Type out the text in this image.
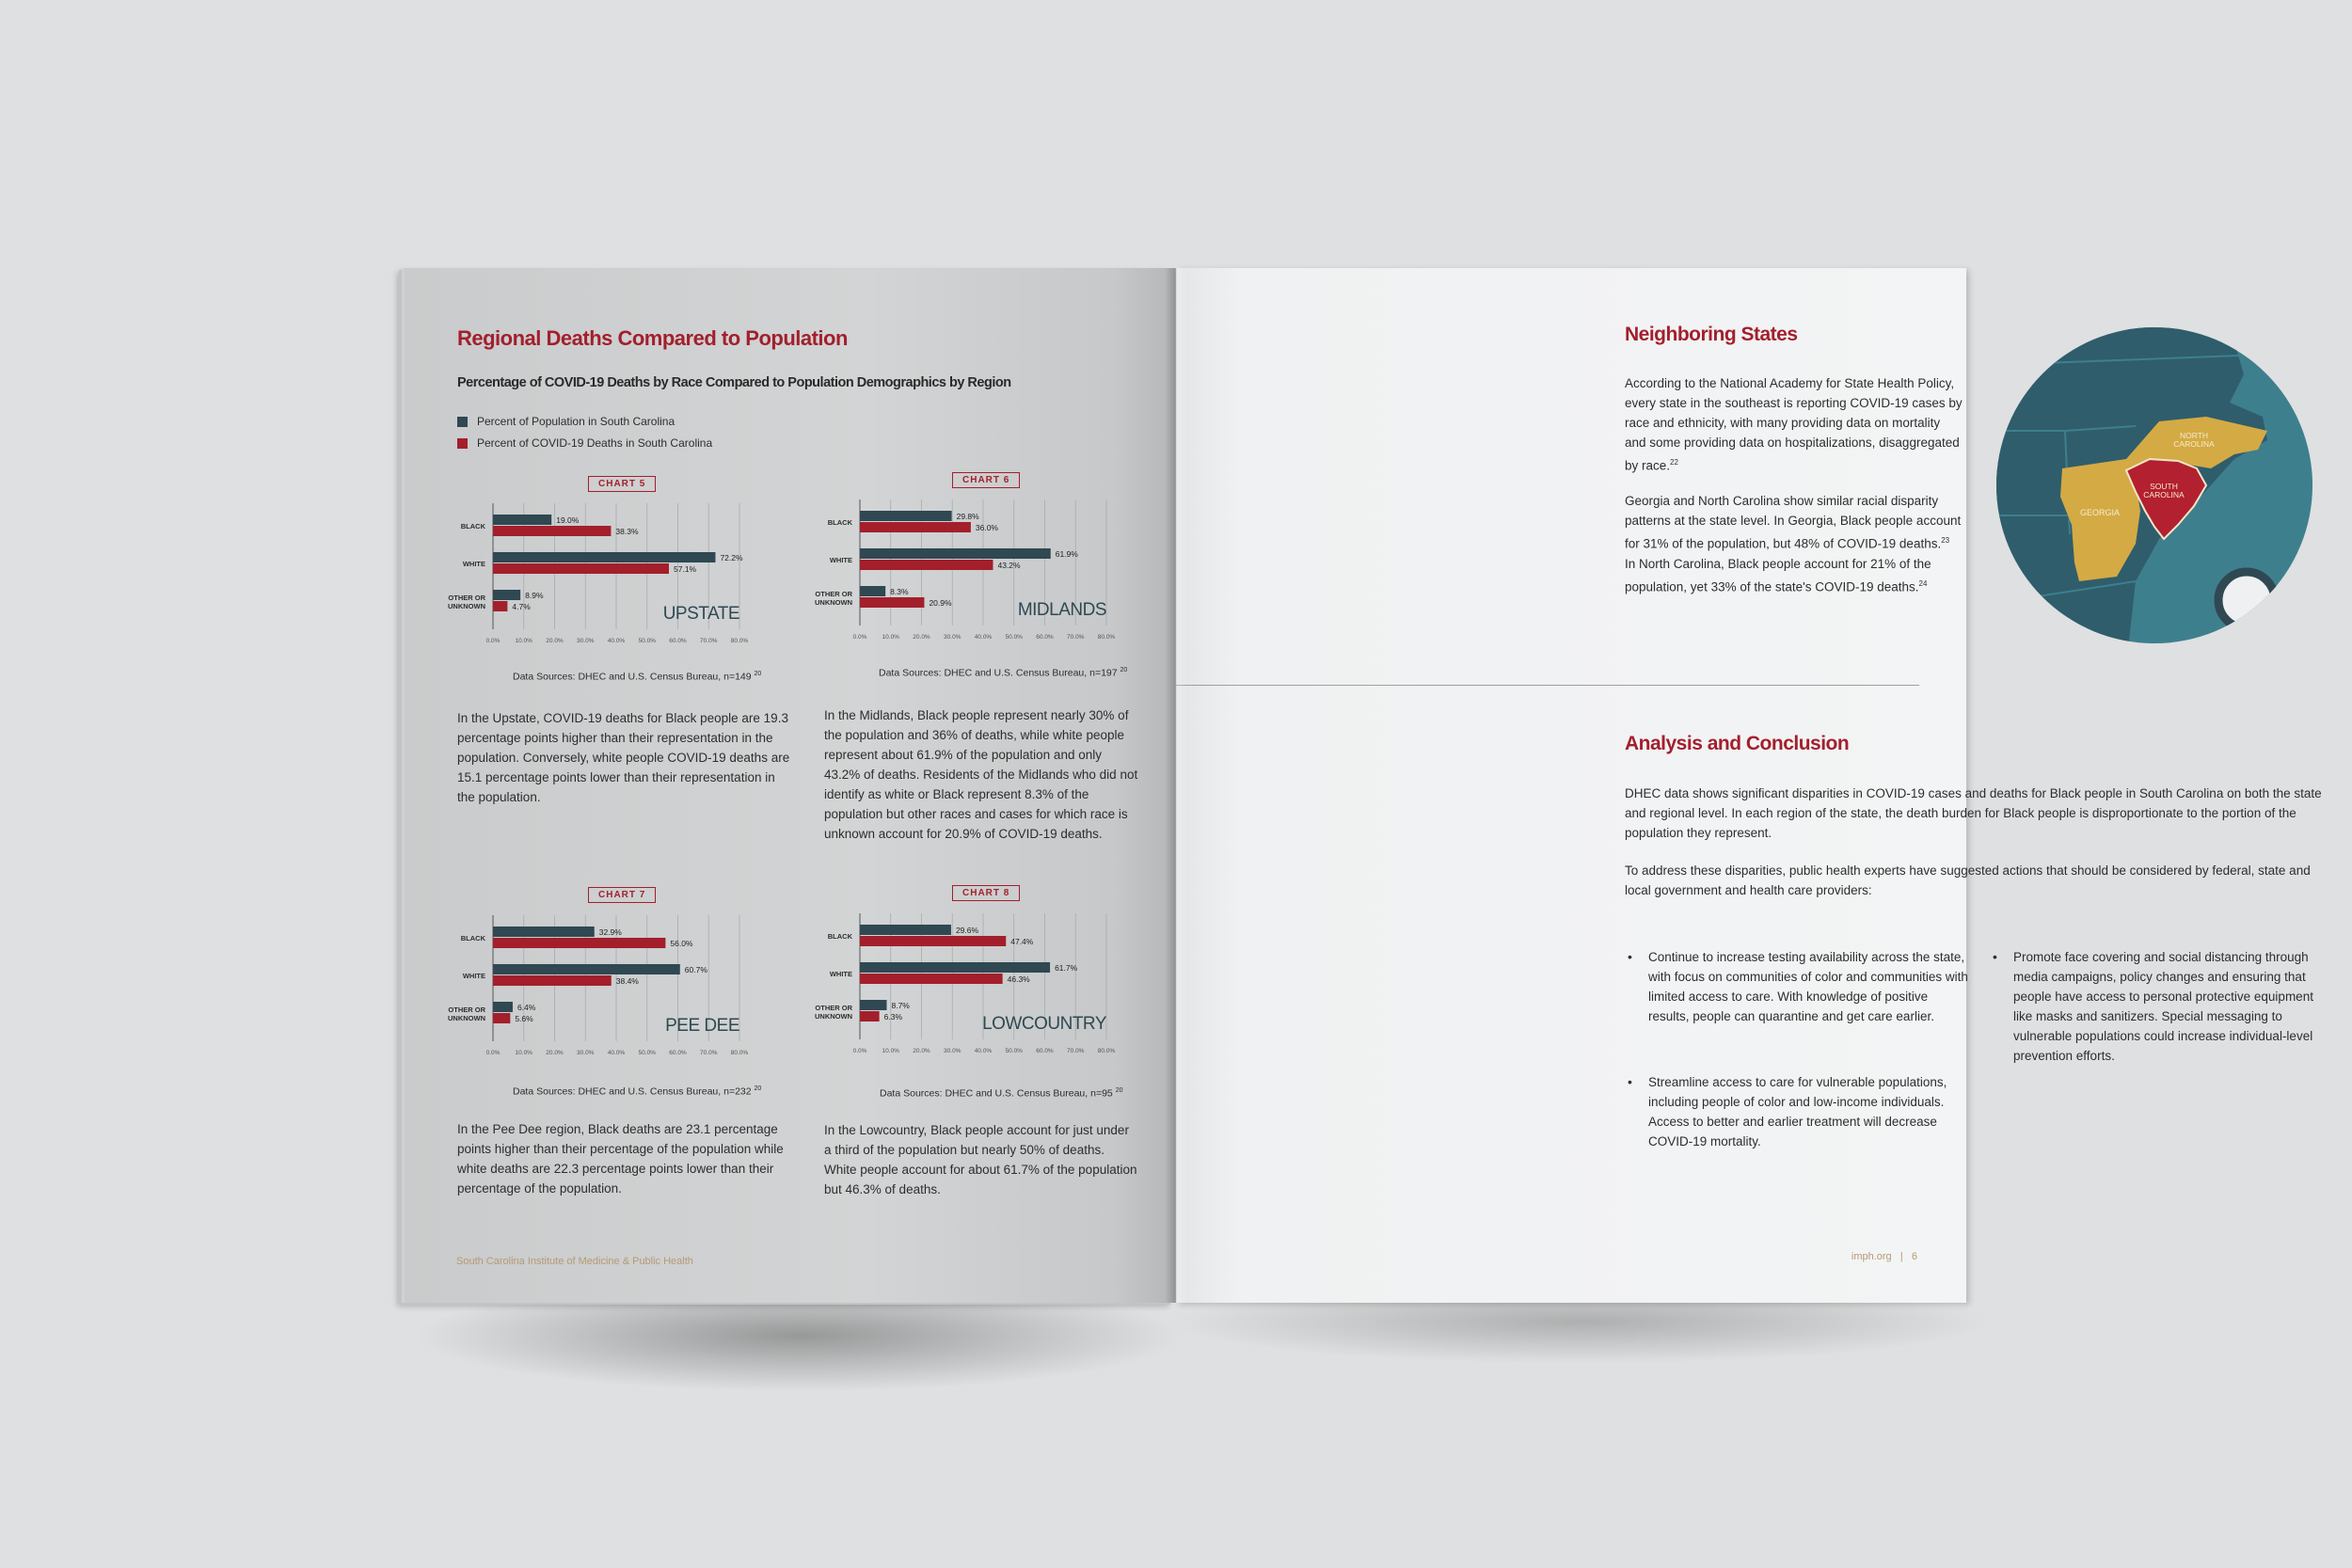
Regional Deaths Compared to Population
Percentage of COVID-19 Deaths by Race Compared to Population Demographics by Region
Percent of Population in South Carolina
Percent of COVID-19 Deaths in South Carolina
CHART 5
0.0% 10.0% 20.0% 30.0% 40.0% 50.0% 60.0% 70.0% 80.0%
BLACK
19.0%
38.3%
WHITE
72.2%
57.1%
OTHER OR
UNKNOWN
8.9%
4.7%	UPSTATE
Data Sources: DHEC and U.S. Census Bureau, n=149 $^{20}$
In the Upstate, COVID-19 deaths for Black people are 19.3 percentage points higher than their representation in the population. Conversely, white people COVID-19 deaths are 15.1 percentage points lower than their representation in the population.
CHART 6
0.0% 10.0% 20.0% 30.0% 40.0% 50.0% 60.0% 70.0% 80.0%
BLACK
29.8%
36.0%
WHITE
61.9%
43.2%
OTHER OR
UNKNOWN
8.3%
20.9%	MIDLANDS
Data Sources: DHEC and U.S. Census Bureau, n=197 $^{20}$
In the Midlands, Black people represent nearly 30% of the population and 36% of deaths, while white people represent about 61.9% of the population and only 43.2% of deaths. Residents of the Midlands who did not identify as white or Black represent 8.3% of the population but other races and cases for which race is unknown account for 20.9% of COVID-19 deaths.
CHART 7
0.0% 10.0% 20.0% 30.0% 40.0% 50.0% 60.0% 70.0% 80.0%
BLACK
32.9%
56.0%
WHITE
60.7%
38.4%
OTHER OR
UNKNOWN
6.4%
5.6%	PEE DEE
Data Sources: DHEC and U.S. Census Bureau, n=232 $^{20}$
In the Pee Dee region, Black deaths are 23.1 percentage points higher than their percentage of the population while white deaths are 22.3 percentage points lower than their percentage of the population.
CHART 8
0.0% 10.0% 20.0% 30.0% 40.0% 50.0% 60.0% 70.0% 80.0%
BLACK
29.6%
47.4%
WHITE
61.7%
46.3%
OTHER OR
UNKNOWN
8.7%
6.3%	LOWCOUNTRY
Data Sources: DHEC and U.S. Census Bureau, n=95 $^{20}$
In the Lowcountry, Black people account for just under a third of the population but nearly 50% of deaths. White people account for about 61.7% of the population but 46.3% of deaths.
South Carolina Institute of Medicine & Public Health
Neighboring States
According to the National Academy for State Health Policy, every state in the southeast is reporting COVID-19 cases by race and ethnicity, with many providing data on mortality and some providing data on hospitalizations, disaggregated by race.$^{22}$
Georgia and North Carolina show similar racial disparity patterns at the state level. In Georgia, Black people account for 31% of the population, but 48% of COVID-19 deaths.$^{23}$ In North Carolina, Black people account for 21% of the population, yet 33% of the state's COVID-19 deaths.$^{24}$
NORTH
CAROLINA
SOUTH
CAROLINA
GEORGIA
Analysis and Conclusion
DHEC data shows significant disparities in COVID-19 cases and deaths for Black people in South Carolina on both the state and regional level. In each region of the state, the death burden for Black people is disproportionate to the portion of the population they represent.
To address these disparities, public health experts have suggested actions that should be considered by federal, state and local government and health care providers:
• Continue to increase testing availability across the state, with focus on communities of color and communities with limited access to care. With knowledge of positive results, people can quarantine and get care earlier.
• Streamline access to care for vulnerable populations, including people of color and low-income individuals. Access to better and earlier treatment will decrease COVID-19 mortality.
• Promote face covering and social distancing through media campaigns, policy changes and ensuring that people have access to personal protective equipment like masks and sanitizers. Special messaging to vulnerable populations could increase individual-level prevention efforts.
imph.org | 6
